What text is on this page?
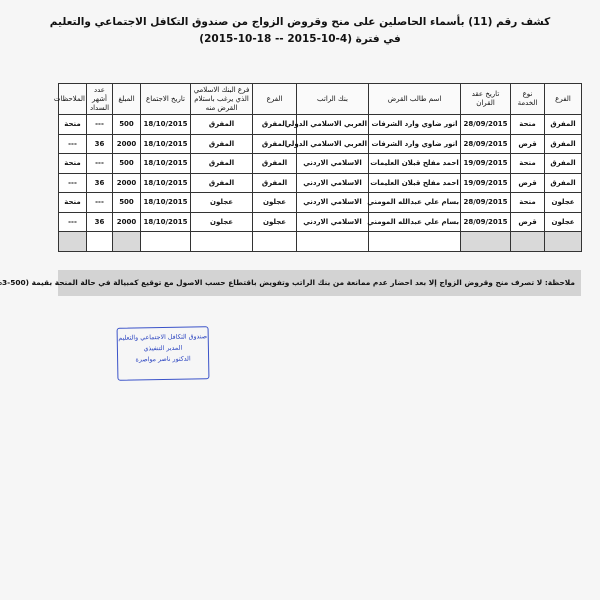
كشف رقم (11) بأسماء الحاصلين على منح وقروض الزواج من صندوق التكافل الاجتماعي والتعليم
في فترة (4-10-2015 -- 18-10-2015)
الفرع	نوع الخدمة	تاريخ عقد القران	اسم طالب القرض	بنك الراتب	الفرع	فرع البنك الاسلامي الذي يرغب باستلام القرض منه	تاريخ الاجتماع	المبلغ	عدد أشهر السداد	الملاحظات
المفرق	منحة	28/09/2015	انور ضاوي وارد الشرفات	العربي الاسلامي الدولي	المفرق	المفرق	18/10/2015	500	---	منحة
المفرق	قرض	28/09/2015	انور ضاوي وارد الشرفات	العربي الاسلامي الدولي	المفرق	المفرق	18/10/2015	2000	36	---
المفرق	منحة	19/09/2015	احمد مفلح قبلان العليمات	الاسلامي الاردني	المفرق	المفرق	18/10/2015	500	---	منحة
المفرق	قرض	19/09/2015	احمد مفلح قبلان العليمات	الاسلامي الاردني	المفرق	المفرق	18/10/2015	2000	36	---
عجلون	منحة	28/09/2015	بسام علي عبدالله المومني	الاسلامي الاردني	عجلون	عجلون	18/10/2015	500	---	منحة
عجلون	قرض	28/09/2015	بسام علي عبدالله المومني	الاسلامي الاردني	عجلون	عجلون	18/10/2015	2000	36	---

ملاحظة: لا تصرف منح وقروض الزواج إلا بعد احضار عدم ممانعة من بنك الراتب وتفويض باقتطاع حسب الاصول مع توقيع كمبيالة في حالة المنحة بقيمة (500-3
صندوق التكافل الاجتماعي والتعليم
المدير التنفيذي
الدكتور ناصر مواصرة
